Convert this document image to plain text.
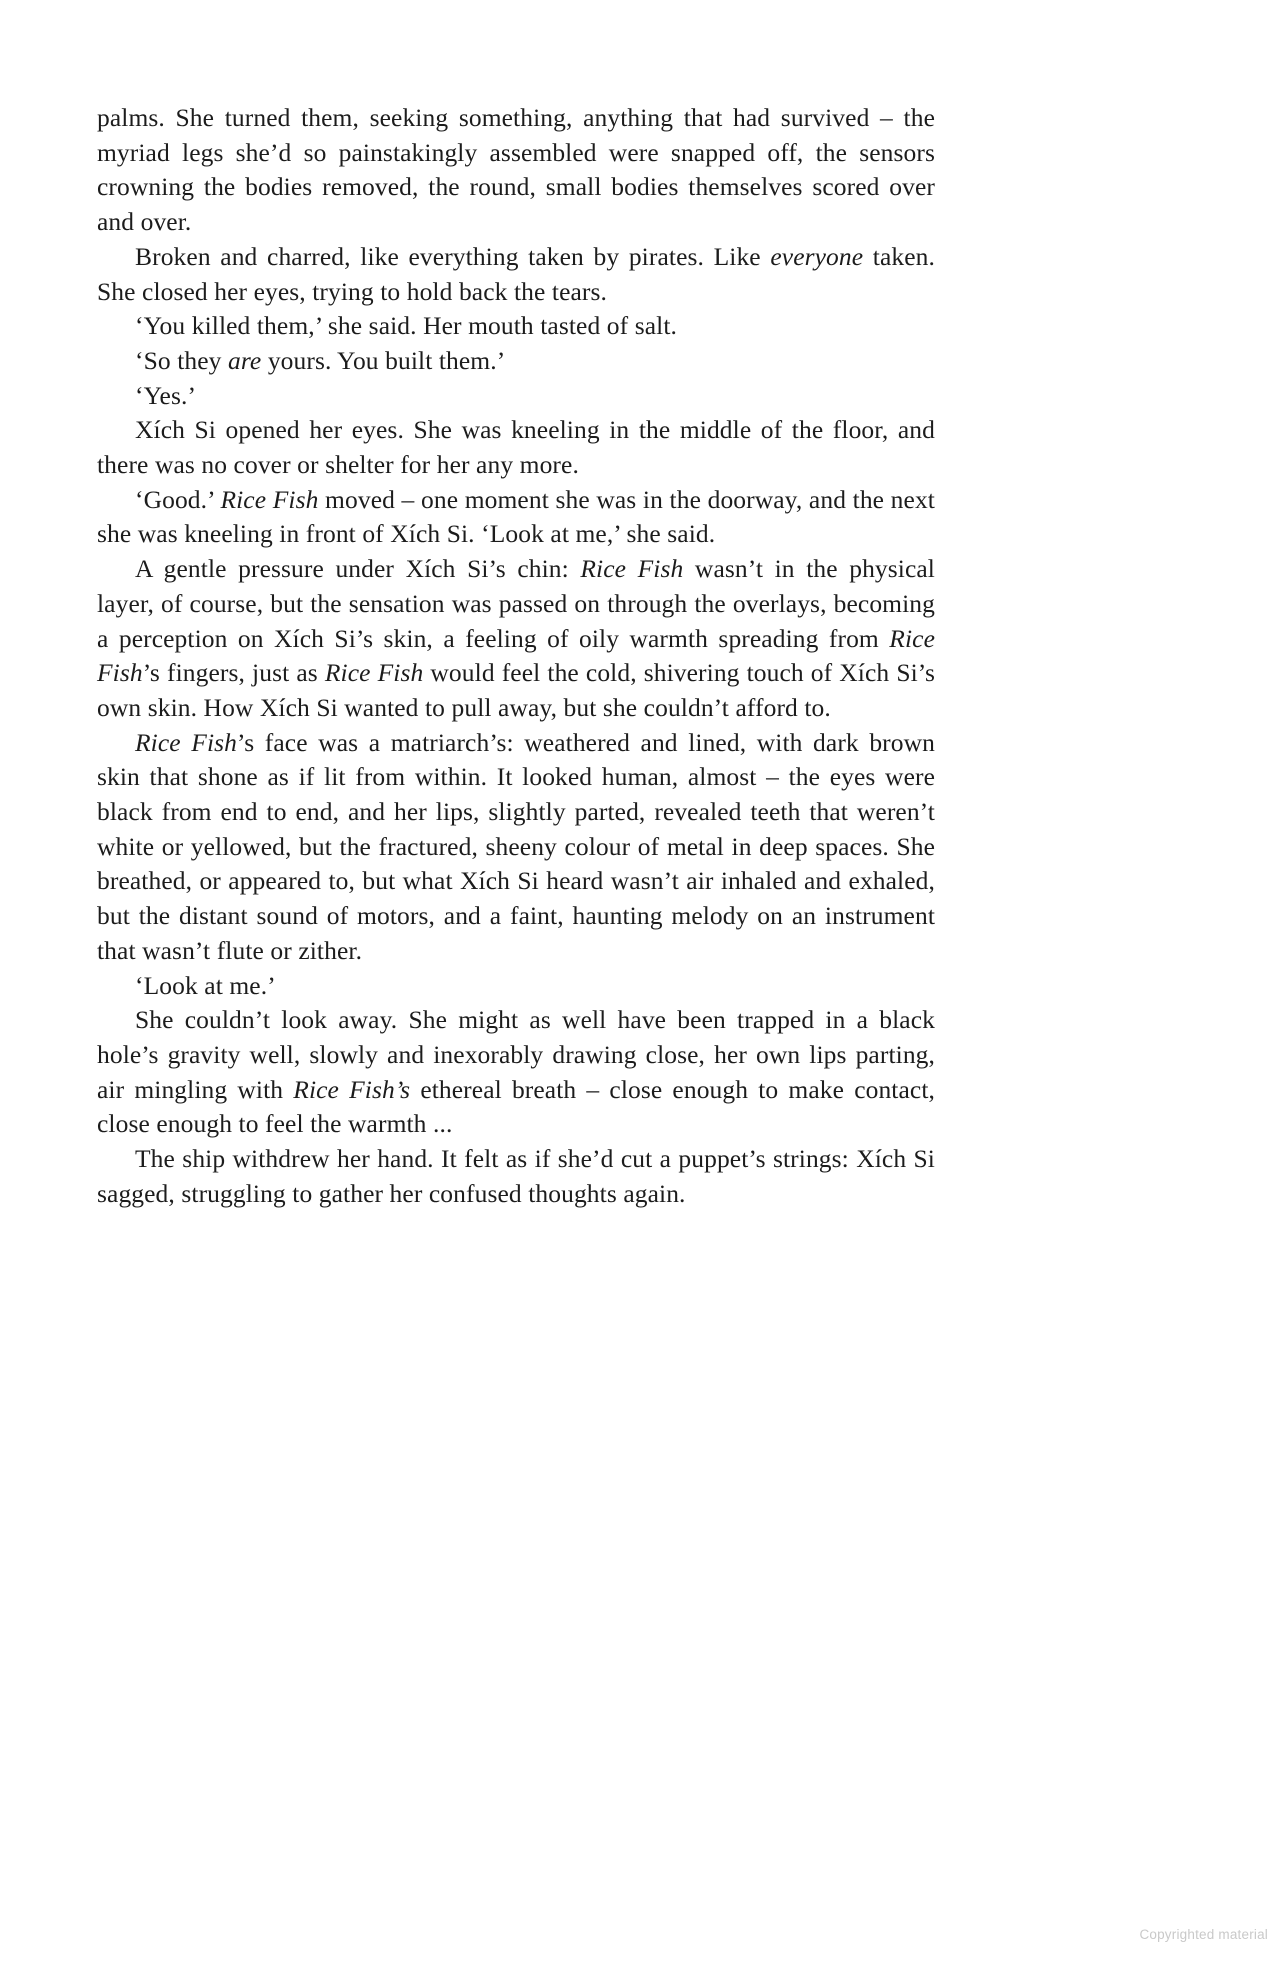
palms. She turned them, seeking something, anything that had survived – the myriad legs she’d so painstakingly assembled were snapped off, the sensors crowning the bodies removed, the round, small bodies themselves scored over and over.

Broken and charred, like everything taken by pirates. Like everyone taken. She closed her eyes, trying to hold back the tears.

‘You killed them,’ she said. Her mouth tasted of salt.

‘So they are yours. You built them.’

‘Yes.’

Xích Si opened her eyes. She was kneeling in the middle of the floor, and there was no cover or shelter for her any more.

‘Good.’ Rice Fish moved – one moment she was in the doorway, and the next she was kneeling in front of Xích Si. ‘Look at me,’ she said.

A gentle pressure under Xích Si’s chin: Rice Fish wasn’t in the physical layer, of course, but the sensation was passed on through the overlays, becoming a perception on Xích Si’s skin, a feeling of oily warmth spreading from Rice Fish’s fingers, just as Rice Fish would feel the cold, shivering touch of Xích Si’s own skin. How Xích Si wanted to pull away, but she couldn’t afford to.

Rice Fish’s face was a matriarch’s: weathered and lined, with dark brown skin that shone as if lit from within. It looked human, almost – the eyes were black from end to end, and her lips, slightly parted, revealed teeth that weren’t white or yellowed, but the fractured, sheeny colour of metal in deep spaces. She breathed, or appeared to, but what Xích Si heard wasn’t air inhaled and exhaled, but the distant sound of motors, and a faint, haunting melody on an instrument that wasn’t flute or zither.

‘Look at me.’

She couldn’t look away. She might as well have been trapped in a black hole’s gravity well, slowly and inexorably drawing close, her own lips parting, air mingling with Rice Fish’s ethereal breath – close enough to make contact, close enough to feel the warmth ...

The ship withdrew her hand. It felt as if she’d cut a puppet’s strings: Xích Si sagged, struggling to gather her confused thoughts again.

Copyrighted material
